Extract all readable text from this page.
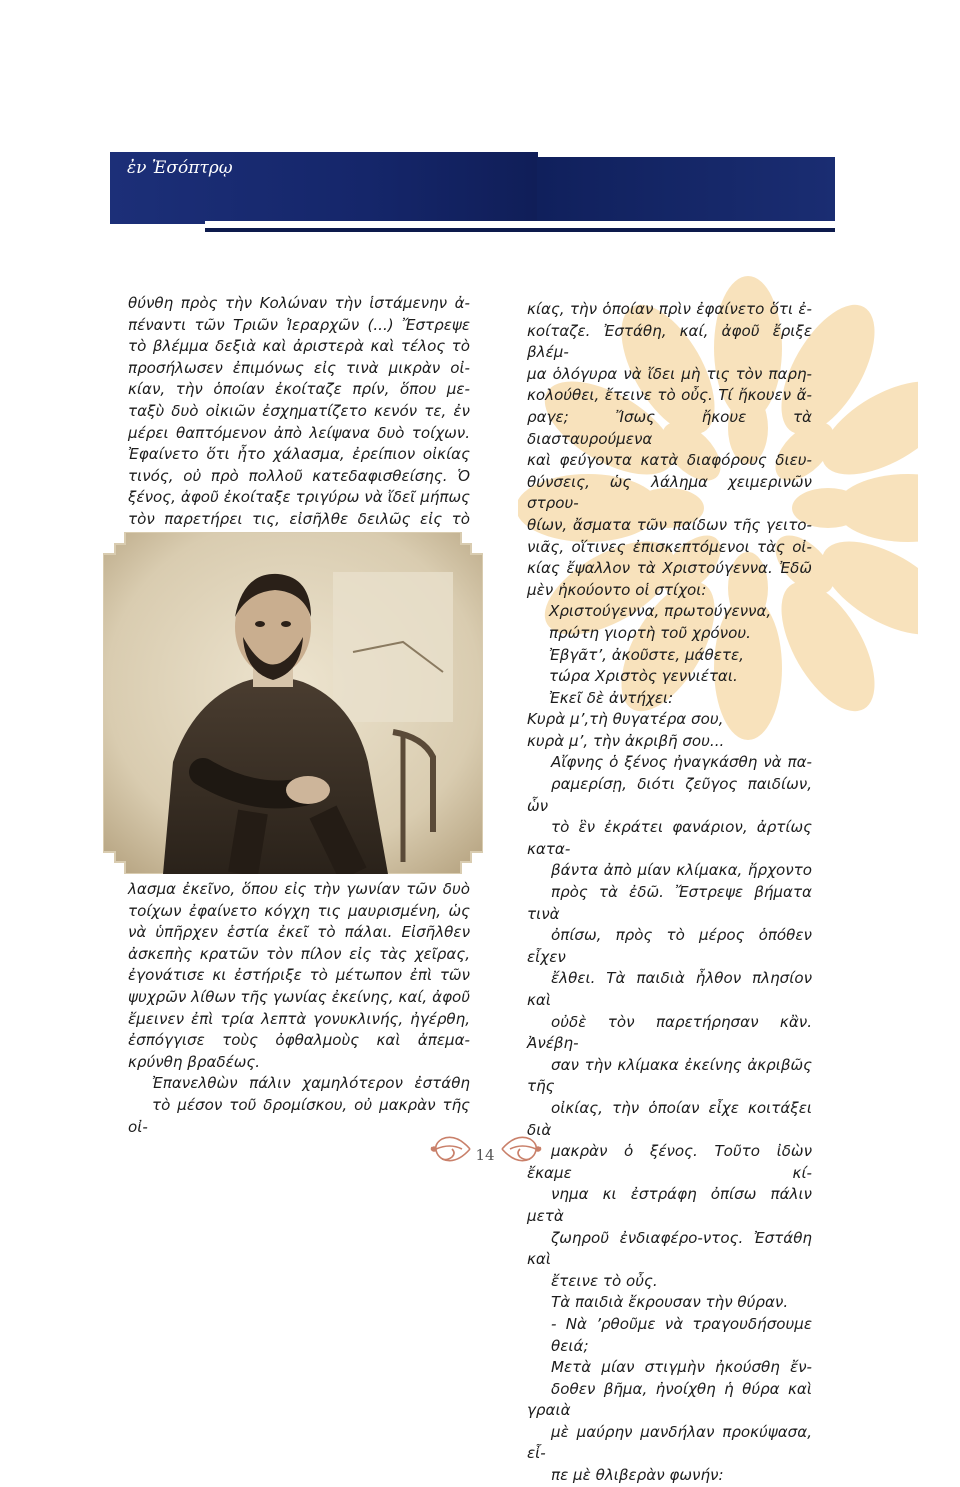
ἐν Ἐσόπτρῳ

θύνθη πρὸς τὴν Κολώναν τὴν ἱστάμενην ἀ-
πέναντι τῶν Τριῶν Ἱεραρχῶν (...) Ἔστρεψε
τὸ βλέμμα δεξιὰ καὶ ἀριστερὰ καὶ τέλος τὸ
προσήλωσεν ἐπιμόνως εἰς τινὰ μικρὰν οἰ-
κίαν, τὴν ὁποίαν ἐκοίταζε πρίν, ὅπου με-
ταξὺ δυὸ οἰκιῶν ἐσχηματίζετο κενόν τε, ἐν
μέρει θαπτόμενον ἀπὸ λείψανα δυὸ τοίχων.
Ἐφαίνετο ὅτι ἦτο χάλασμα, ἐρείπιον οἰκίας
τινός, οὐ πρὸ πολλοῦ κατεδαφισθείσης. Ὁ
ξένος, ἀφοῦ ἐκοίταξε τριγύρω νὰ ἴδεῖ μήπως
τὸν παρετήρει τις, εἰσῆλθε δειλῶς εἰς τὸ

λασμα ἐκεῖνο, ὅπου εἰς τὴν γωνίαν τῶν δυὸ
τοίχων ἐφαίνετο κόγχη τις μαυρισμένη, ὡς
νὰ ὑπῆρχεν ἑστία ἐκεῖ τὸ πάλαι. Εἰσῆλθεν
ἀσκεπὴς κρατῶν τὸν πίλον εἰς τὰς χεῖρας,
ἐγονάτισε κι ἐστήριξε τὸ μέτωπον ἐπὶ τῶν
ψυχρῶν λίθων τῆς γωνίας ἐκείνης, καί, ἀφοῦ
ἔμεινεν ἐπὶ τρία λεπτὰ γονυκλινής, ἠγέρθη,
ἐσπόγγισε τοὺς ὀφθαλμοὺς καὶ ἀπεμα-
κρύνθη βραδέως.

Ἐπανελθὼν πάλιν χαμηλότερον ἐστάθη
τὸ μέσον τοῦ δρομίσκου, οὐ μακρὰν τῆς οἰ-

κίας, τὴν ὁποίαν πρὶν ἐφαίνετο ὅτι ἐ-
κοίταζε. Ἐστάθη, καί, ἀφοῦ ἔριξε βλέμ-
μα ὁλόγυρα νὰ ἴδει μὴ τις τὸν παρη-
κολούθει, ἔτεινε τὸ οὖς. Τί ἤκουεν ἄ-
ραγε; Ἴσως ἤκουε τὰ διασταυρούμενα
καὶ φεύγοντα κατὰ διαφόρους διευ-
θύνσεις, ὡς λάλημα χειμερινῶν στρου-
θίων, ἄσματα τῶν παίδων τῆς γειτο-
νιᾶς, οἵτινες ἐπισκεπτόμενοι τὰς οἰ-
κίας ἔψαλλον τὰ Χριστούγεννα. Ἐδῶ
μὲν ἠκούοντο οἱ στίχοι:

Χριστούγεννα, πρωτούγεννα,

πρώτη γιορτὴ τοῦ χρόνου.

Ἐβγᾶτ’, ἀκοῦστε, μάθετε,

τώρα Χριστὸς γεννιέται.

Ἐκεῖ δὲ ἀντήχει:

Κυρὰ μ’,τὴ θυγατέρα σου,

κυρὰ μ’, τὴν ἀκριβῆ σου...

Αἴφνης ὁ ξένος ἠναγκάσθη νὰ πα-
ραμερίσῃ, διότι ζεῦγος παιδίων, ὧν
τὸ ἓν ἐκράτει φανάριον, ἀρτίως κατα-
βάντα ἀπὸ μίαν κλίμακα, ἤρχοντο
πρὸς τὰ ἐδῶ. Ἔστρεψε βήματα τινὰ
ὀπίσω, πρὸς τὸ μέρος ὁπόθεν εἶχεν
ἔλθει. Τὰ παιδιὰ ἦλθον πλησίον καὶ
οὐδὲ τὸν παρετήρησαν κἂν. Ἀνέβη-
σαν τὴν κλίμακα ἐκείνης ἀκριβῶς τῆς
οἰκίας, τὴν ὁποίαν εἶχε κοιτάξει διὰ
μακρὰν ὁ ξένος. Τοῦτο ἰδὼν ἔκαμε κί-
νημα κι ἐστράφη ὀπίσω πάλιν μετὰ
ζωηροῦ ἐνδιαφέρο-ντος. Ἐστάθη καὶ
ἔτεινε τὸ οὖς.

Τὰ παιδιὰ ἔκρουσαν τὴν θύραν.

- Νὰ ’ρθοῦμε νὰ τραγουδήσουμε
θειά;

Μετὰ μίαν στιγμὴν ἠκούσθη ἔν-
δοθεν βῆμα, ἠνοίχθη ἡ θύρα καὶ γραιὰ
μὲ μαύρην μανδήλαν προκύψασα, εἶ-
πε μὲ θλιβερὰν φωνήν:

14
